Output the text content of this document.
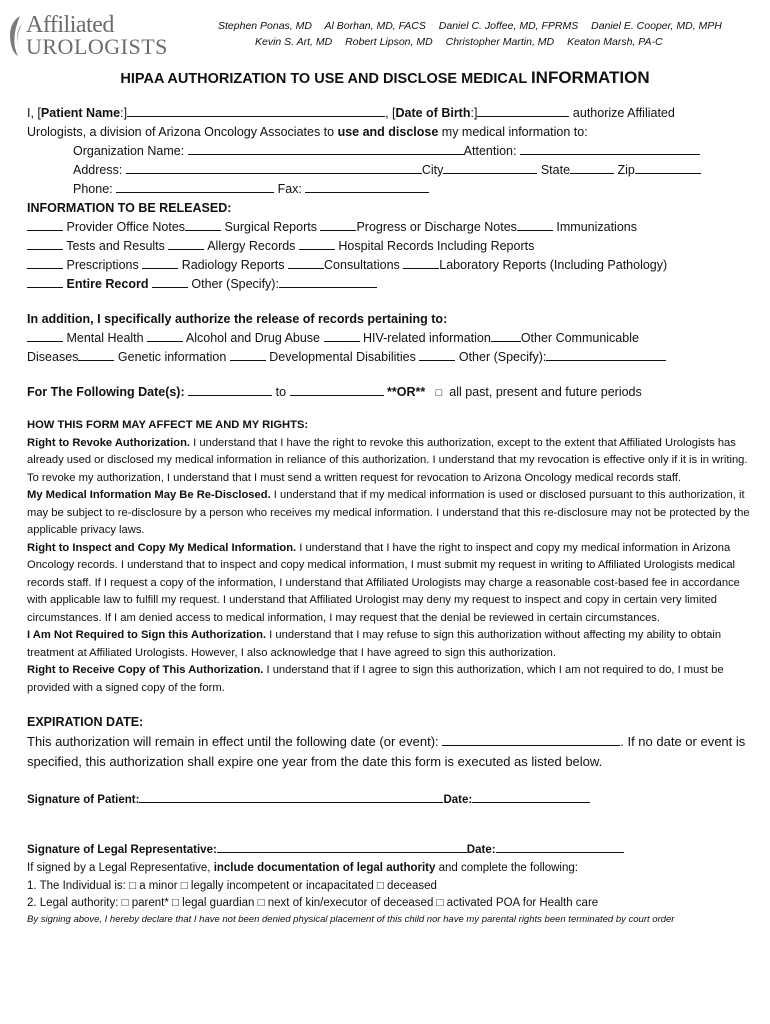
Affiliated
UROLOGISTS
Stephen Ponas, MD Al Borhan, MD, FACS Daniel C. Joffee, MD, FPRMS Daniel E. Cooper, MD, MPH
Kevin S. Art, MD Robert Lipson, MD Christopher Martin, MD Keaton Marsh, PA-C
HIPAA AUTHORIZATION TO USE AND DISCLOSE MEDICAL INFORMATION
I, [Patient Name:]	, [Date of Birth:]	authorize Affiliated
Urologists, a division of Arizona Oncology Associates to use and disclose my medical information to:
Organization Name:	Attention:
Address:	City	State	Zip
Phone:	Fax:
INFORMATION TO BE RELEASED:
Provider Office Notes	Surgical Reports	Progress or Discharge Notes	Immunizations
Tests and Results	Allergy Records	Hospital Records Including Reports
Prescriptions	Radiology Reports	Consultations	Laboratory Reports (Including Pathology)
Entire Record	Other (Specify):
In addition, I specifically authorize the release of records pertaining to:
Mental Health	Alcohol and Drug Abuse	HIV-related information Other Communicable
Diseases	Genetic information	Developmental Disabilities	Other (Specify):
For The Following Date(s):	to	**OR** □ all past, present and future periods
HOW THIS FORM MAY AFFECT ME AND MY RIGHTS:
Right to Revoke Authorization. I understand that I have the right to revoke this authorization, except to the extent that Affiliated Urologists has already used or disclosed my medical information in reliance of this authorization. I understand that my revocation is effective only if it is in writing. To revoke my authorization, I understand that I must send a written request for revocation to Arizona Oncology medical records staff.
My Medical Information May Be Re-Disclosed. I understand that if my medical information is used or disclosed pursuant to this authorization, it may be subject to re-disclosure by a person who receives my medical information. I understand that this re-disclosure may not be protected by the applicable privacy laws.
Right to Inspect and Copy My Medical Information. I understand that I have the right to inspect and copy my medical information in Arizona Oncology records. I understand that to inspect and copy medical information, I must submit my request in writing to Affiliated Urologists medical records staff. If I request a copy of the information, I understand that Affiliated Urologists may charge a reasonable cost-based fee in accordance with applicable law to fulfill my request. I understand that Affiliated Urologist may deny my request to inspect and copy in certain very limited circumstances. If I am denied access to medical information, I may request that the denial be reviewed in certain circumstances.
I Am Not Required to Sign this Authorization. I understand that I may refuse to sign this authorization without affecting my ability to obtain treatment at Affiliated Urologists. However, I also acknowledge that I have agreed to sign this authorization.
Right to Receive Copy of This Authorization. I understand that if I agree to sign this authorization, which I am not required to do, I must be provided with a signed copy of the form.
EXPIRATION DATE:
This authorization will remain in effect until the following date (or event):	. If no date or event is specified, this authorization shall expire one year from the date this form is executed as listed below.
Signature of Patient:	Date:
Signature of Legal Representative:	Date:
If signed by a Legal Representative, include documentation of legal authority and complete the following:
1. The Individual is: □ a minor □ legally incompetent or incapacitated □ deceased
2. Legal authority: □ parent* □ legal guardian □ next of kin/executor of deceased □ activated POA for Health care
By signing above, I hereby declare that I have not been denied physical placement of this child nor have my parental rights been terminated by court order
